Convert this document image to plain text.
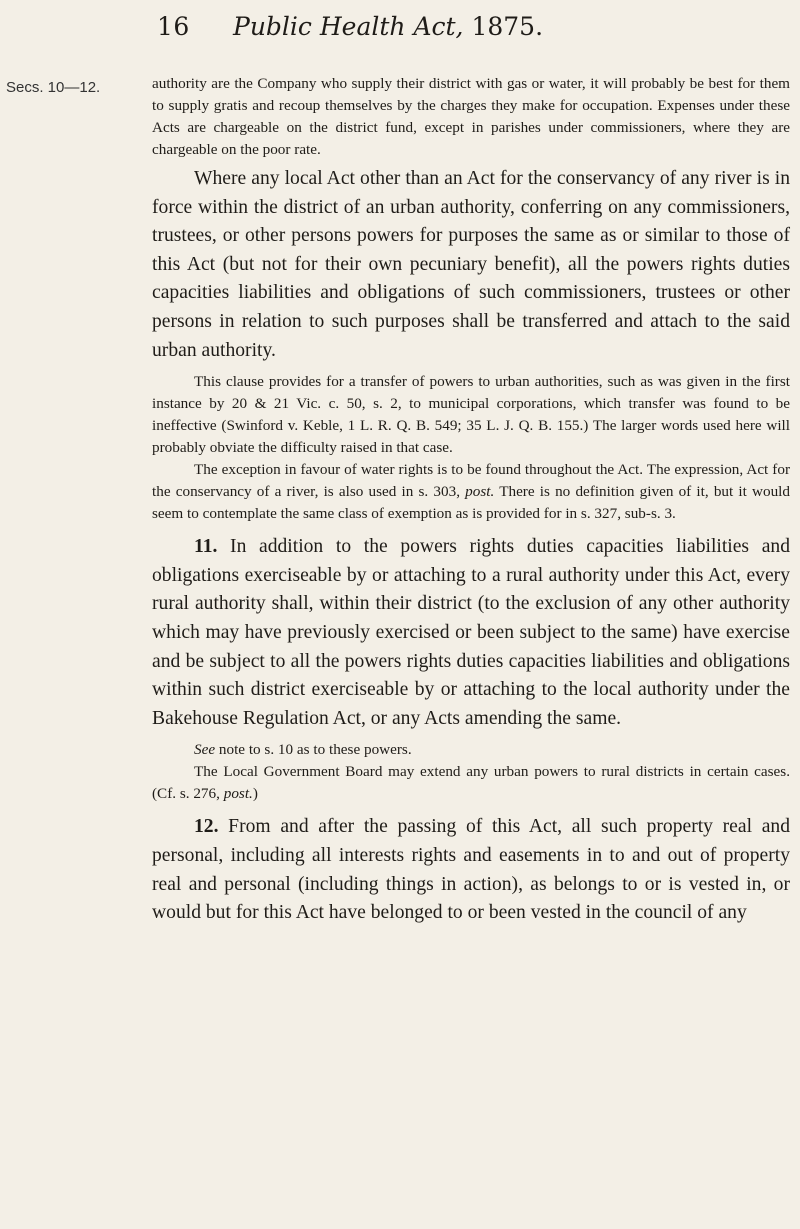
16 Public Health Act, 1875.
Secs. 10—12.	authority are the Company who supply their district with gas or water, it will probably be best for them to supply gratis and recoup themselves by the charges they make for occupation. Expenses under these Acts are chargeable on the district fund, except in parishes under commissioners, where they are chargeable on the poor rate.

Where any local Act other than an Act for the conservancy of any river is in force within the district of an urban authority, conferring on any commissioners, trustees, or other persons powers for purposes the same as or similar to those of this Act (but not for their own pecuniary benefit), all the powers rights duties capacities liabilities and obligations of such commissioners, trustees or other persons in relation to such purposes shall be transferred and attach to the said urban authority.

This clause provides for a transfer of powers to urban authorities, such as was given in the first instance by 20 & 21 Vic. c. 50, s. 2, to municipal corporations, which transfer was found to be ineffective (Swinford v. Keble, 1 L. R. Q. B. 549; 35 L. J. Q. B. 155.) The larger words used here will probably obviate the difficulty raised in that case.

The exception in favour of water rights is to be found throughout the Act. The expression, Act for the conservancy of a river, is also used in s. 303, post. There is no definition given of it, but it would seem to contemplate the same class of exemption as is provided for in s. 327, sub-s. 3.

11. In addition to the powers rights duties capacities liabilities and obligations exerciseable by or attaching to a rural authority under this Act, every rural authority shall, within their district (to the exclusion of any other authority which may have previously exercised or been subject to the same) have exercise and be subject to all the powers rights duties capacities liabilities and obligations within such district exerciseable by or attaching to the local authority under the Bakehouse Regulation Act, or any Acts amending the same.

See note to s. 10 as to these powers.

The Local Government Board may extend any urban powers to rural districts in certain cases. (Cf. s. 276, post.)

12. From and after the passing of this Act, all such property real and personal, including all interests rights and easements in to and out of property real and personal (including things in action), as belongs to or is vested in, or would but for this Act have belonged to or been vested in the council of any
